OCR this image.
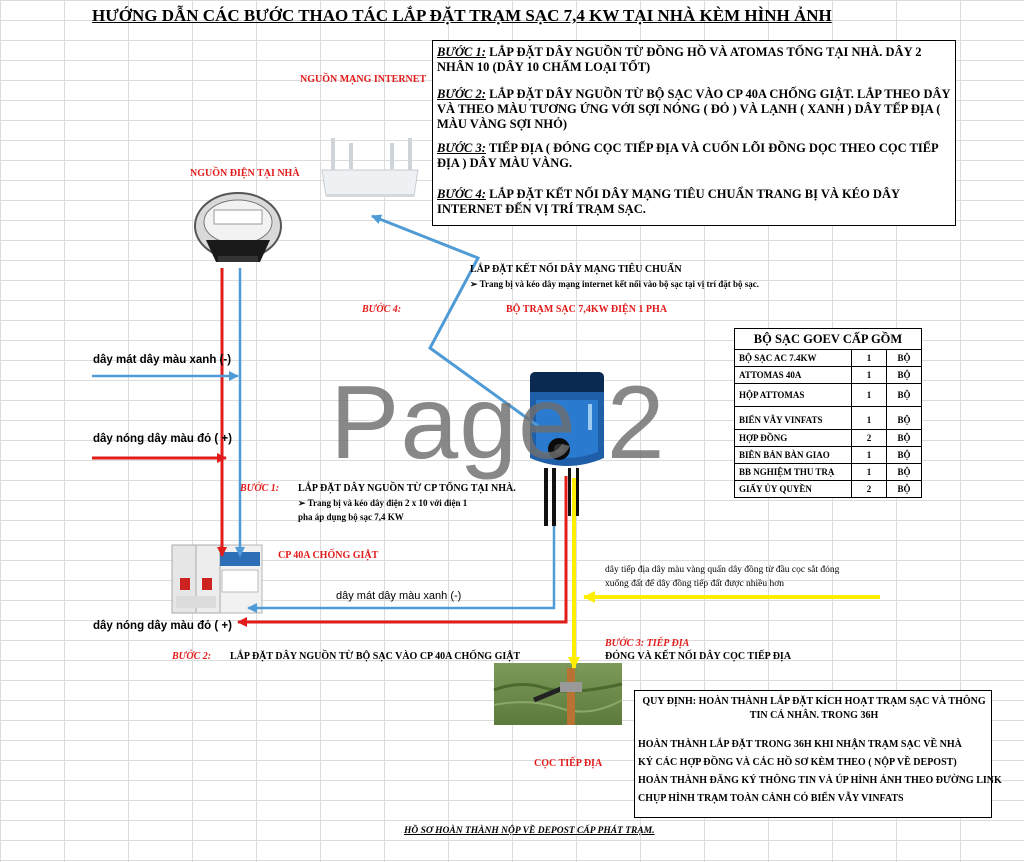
HƯỚNG DẪN CÁC BƯỚC THAO TÁC LẮP ĐẶT TRẠM SẠC 7,4 KW TẠI NHÀ KÈM HÌNH ẢNH
BƯỚC 1: LẮP ĐẶT DÂY NGUỒN TỪ ĐỒNG HỒ VÀ ATOMAS TỔNG TẠI NHÀ. DÂY 2 NHÂN 10 (DÂY 10 CHẤM LOẠI TỐT)
BƯỚC 2: LẮP ĐẶT DÂY NGUỒN TỪ BỘ SẠC VÀO CP 40A CHỐNG GIẬT. LẮP THEO DÂY VÀ THEO MÀU TƯƠNG ỨNG VỚI SỢI NÓNG ( ĐỎ ) VÀ LẠNH ( XANH ) DÂY TẾP ĐỊA ( MÀU VÀNG SỢI NHỎ)
BƯỚC 3: TIẾP ĐỊA ( ĐÓNG CỌC TIẾP ĐỊA VÀ CUỐN LÕI ĐỒNG DỌC THEO CỌC TIẾP ĐỊA ) DÂY MÀU VÀNG.
BƯỚC 4: LẮP ĐẶT KẾT NỐI DÂY MẠNG TIÊU CHUẨN TRANG BỊ VÀ KÉO DÂY INTERNET ĐẾN VỊ TRÍ TRẠM SẠC.
Page 2
NGUỒN MẠNG INTERNET
NGUỒN ĐIỆN TẠI NHÀ
LẮP ĐẶT KẾT NỐI DÂY MẠNG TIÊU CHUẨN
➢ Trang bị và kéo dây mạng internet kết nối vào bộ sạc tại vị trí đặt bộ sạc.
BƯỚC 4:	BỘ TRẠM SẠC 7,4KW ĐIỆN 1 PHA
dây mát dây màu xanh (-)
dây nóng dây màu đỏ ( +)
BƯỚC 1: LẮP ĐẶT DÂY NGUỒN TỪ CP TỔNG TẠI NHÀ.
➢ Trang bị và kéo dây điện 2 x 10 với điện 1
pha áp dụng bộ sạc 7,4 KW
CP 40A CHỐNG GIẬT
dây tiếp địa dây màu vàng quấn dây đồng từ đầu cọc sắt đóng
xuống đất để dây đồng tiếp đất được nhiều hơn
dây mát dây màu xanh (-)
dây nóng dây màu đỏ ( +)
BƯỚC 3: TIẾP ĐỊA
ĐÓNG VÀ KẾT NỐI DÂY CỌC TIẾP ĐỊA
BƯỚC 2: LẮP ĐẶT DÂY NGUỒN TỪ BỘ SẠC VÀO CP 40A CHỐNG GIẬT
CỌC TIẾP ĐỊA
BỘ SẠC GOEV CẤP GỒM
BỘ SẠC AC 7.4KW	1	BỘ
ATTOMAS 40A	1	BỘ
HỘP ATTOMAS	1	BỘ
BIỂN VẪY VINFATS	1	BỘ
HỢP ĐỒNG	2	BỘ
BIÊN BẢN BÀN GIAO	1	BỘ
BB NGHIỆM THU TRẠ	1	BỘ
GIẤY ỦY QUYỀN	2	BỘ
QUY ĐỊNH: HOÀN THÀNH LẮP ĐẶT KÍCH HOẠT TRẠM SẠC VÀ THÔNG TIN CÁ NHÂN. TRONG 36H
HOÀN THÀNH LẮP ĐẶT TRONG 36H KHI NHẬN TRẠM SẠC VỀ NHÀ
KÝ CÁC HỢP ĐỒNG VÀ CÁC HỒ SƠ KÈM THEO ( NỘP VỀ DEPOST)
HOÀN THÀNH ĐĂNG KÝ THÔNG TIN VÀ ÚP HÌNH ẢNH THEO ĐƯỜNG LINK
CHỤP HÌNH TRẠM TOÀN CẢNH CÓ BIỂN VẪY VINFATS
HỒ SƠ HOÀN THÀNH NỘP VỀ DEPOST CẤP PHÁT TRẠM.
